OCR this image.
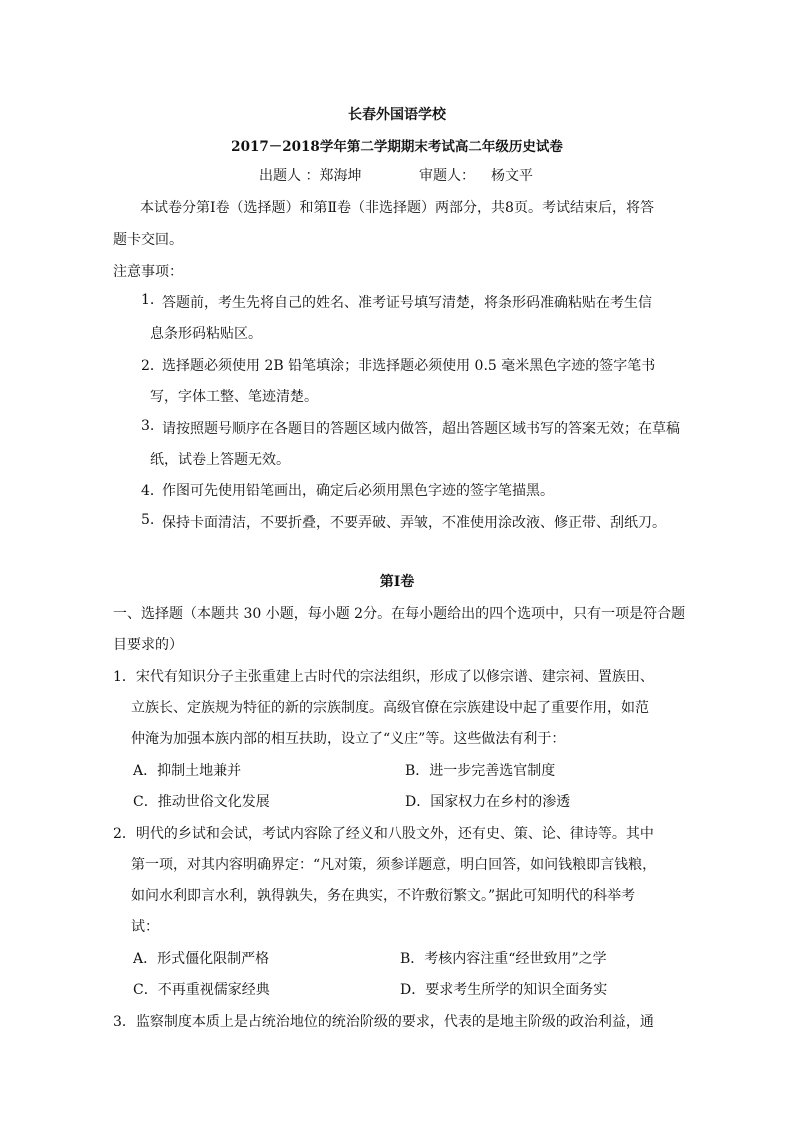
长春外国语学校
2017－2018学年第二学期期末考试高二年级历史试卷
出题人 ：郑海坤	审题人： 杨文平
本试卷分第Ⅰ卷（选择题）和第Ⅱ卷（非选择题）两部分，共8页。考试结束后，将答
题卡交回。
注意事项：
1. 答题前，考生先将自己的姓名、准考证号填写清楚，将条形码准确粘贴在考生信
息条形码粘贴区。
2．
选择题必须使用 2B 铅笔填涂；非选择题必须使用 0.5 毫米黑色字迹的签字笔书
写，字体工整、笔迹清楚。
3. 请按照题号顺序在各题目的答题区域内做答，超出答题区域书写的答案无效；在草稿
纸，试卷上答题无效。
4．
作图可先使用铅笔画出，确定后必须用黑色字迹的签字笔描黑。
5. 保持卡面清洁，不要折叠，不要弄破、弄皱，不准使用涂改液、修正带、刮纸刀。
第Ⅰ卷
一、选择题（本题共 30 小题，每小题 2分。在每小题给出的四个选项中，只有一项是符合题
目要求的）
1．宋代有知识分子主张重建上古时代的宗法组织，形成了以修宗谱、建宗祠、置族田、
立族长、定族规为特征的新的宗族制度。高级官僚在宗族建设中起了重要作用，如范
仲淹为加强本族内部的相互扶助，设立了“义庄”等。这些做法有利于：
A．抑制土地兼并	B．进一步完善选官制度
C．推动世俗文化发展	D．国家权力在乡村的渗透
2．明代的乡试和会试，考试内容除了经义和八股文外，还有史、策、论、律诗等。其中
第一项，对其内容明确界定：“凡对策，须参详题意，明白回答，如问钱粮即言钱粮，
如问水利即言水利，孰得孰失，务在典实，不许敷衍繁文。”据此可知明代的科举考
试：
A．形式僵化限制严格	B．考核内容注重“经世致用”之学
C．不再重视儒家经典	D．要求考生所学的知识全面务实
3．监察制度本质上是占统治地位的统治阶级的要求，代表的是地主阶级的政治利益，通
